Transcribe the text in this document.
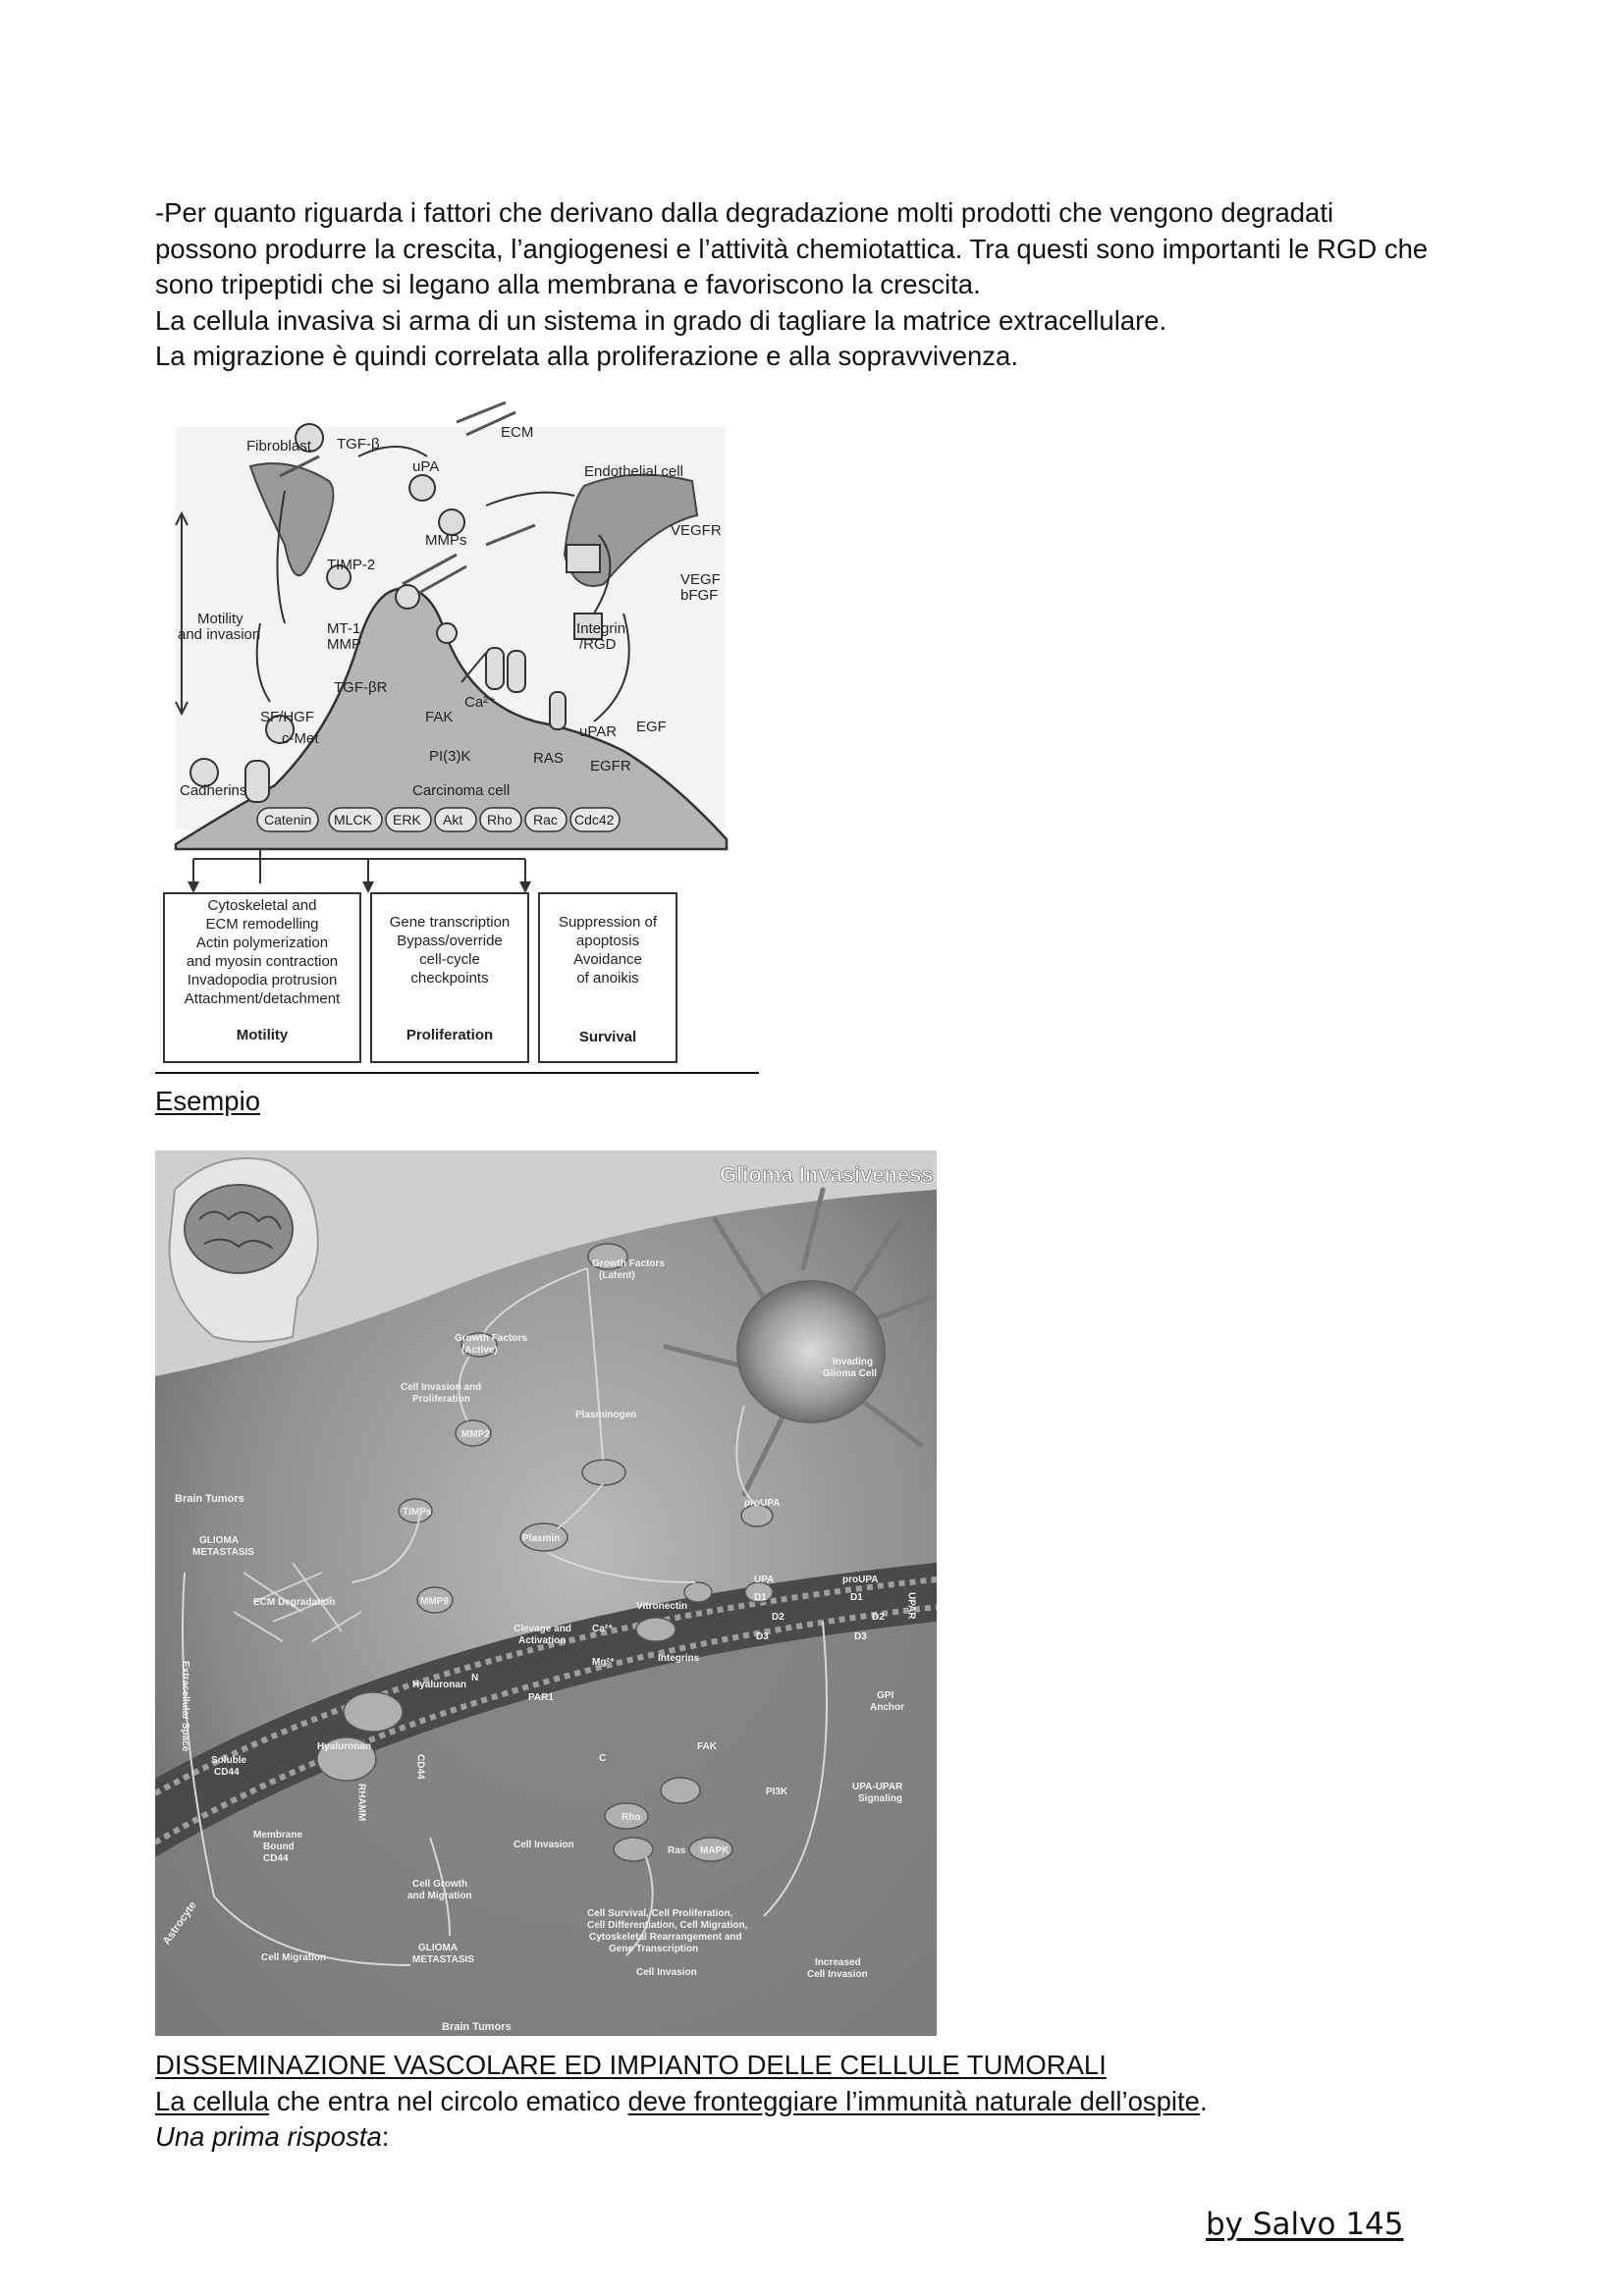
-Per quanto riguarda i fattori che derivano dalla degradazione molti prodotti che vengono degradati

possono produrre la crescita, l’angiogenesi e l’attività chemiotattica. Tra questi sono importanti le RGD che

sono tripeptidi che si legano alla membrana e favoriscono la crescita.

La cellula invasiva si arma di un sistema in grado di tagliare la matrice extracellulare.

La migrazione è quindi correlata alla proliferazione e alla sopravvivenza.

Fibroblast TGF-β
ECM
uPA	Endothelial cell
VEGFR
MMPs
TIMP-2
VEGF
bFGF
Motility
and invasion	MT-1
MMP
Integrin
/RGD
TGF-βR
Ca²⁺
FAK
SF/HGF
c-Met	uPAR EGF
PI(3)K	RAS EGFR
Cadherins	Carcinoma cell
Catenin MLCK ERK Akt Rho Rac Cdc42
Cytoskeletal and
ECM remodelling
Actin polymerization
and myosin contraction
Invadopodia protrusion
Attachment/detachment
Motility
Gene transcription
Bypass/override
cell-cycle
checkpoints
Proliferation
Suppression of
apoptosis
Avoidance
of anoikis
Survival

Esempio

Glioma Invasiveness
Growth Factors
(Latent)
Growth Factors
(Active)
Invading
Glioma Cell
Cell Invasion and
Proliferation
MMP2
Plasminogen
Brain Tumors
TIMPs
Plasmin
proUPA
GLIOMA
METASTASIS
ECM Degradation	MMP9
UPA	proUPA
D1
D2
D3
D1
D2
D3
UPAR
Vitronectin
Clevage and
Activation
Ca²⁺
Mg²⁺	Integrins
Hyaluronan
Hyaluronan
PAR1
N
C
GPI
Anchor
Soluble
CD44
RHAMM
CD44
FAK
PI3K	UPA-UPAR
Signaling
Rho
Ras MAPK
Membrane
Bound
CD44
Cell Invasion
Cell Growth
and Migration
Astrocyte
Cell Migration
GLIOMA
METASTASIS
Cell Survival, Cell Proliferation,
Cell Differentiation, Cell Migration,
Cytoskeletal Rearrangement and
Gene Transcription
Cell Invasion
Increased
Cell Invasion
Brain Tumors
Extracellular Space

DISSEMINAZIONE VASCOLARE ED IMPIANTO DELLE CELLULE TUMORALI

La cellula che entra nel circolo ematico deve fronteggiare l’immunità naturale dell’ospite.

Una prima risposta:

by Salvo 145
